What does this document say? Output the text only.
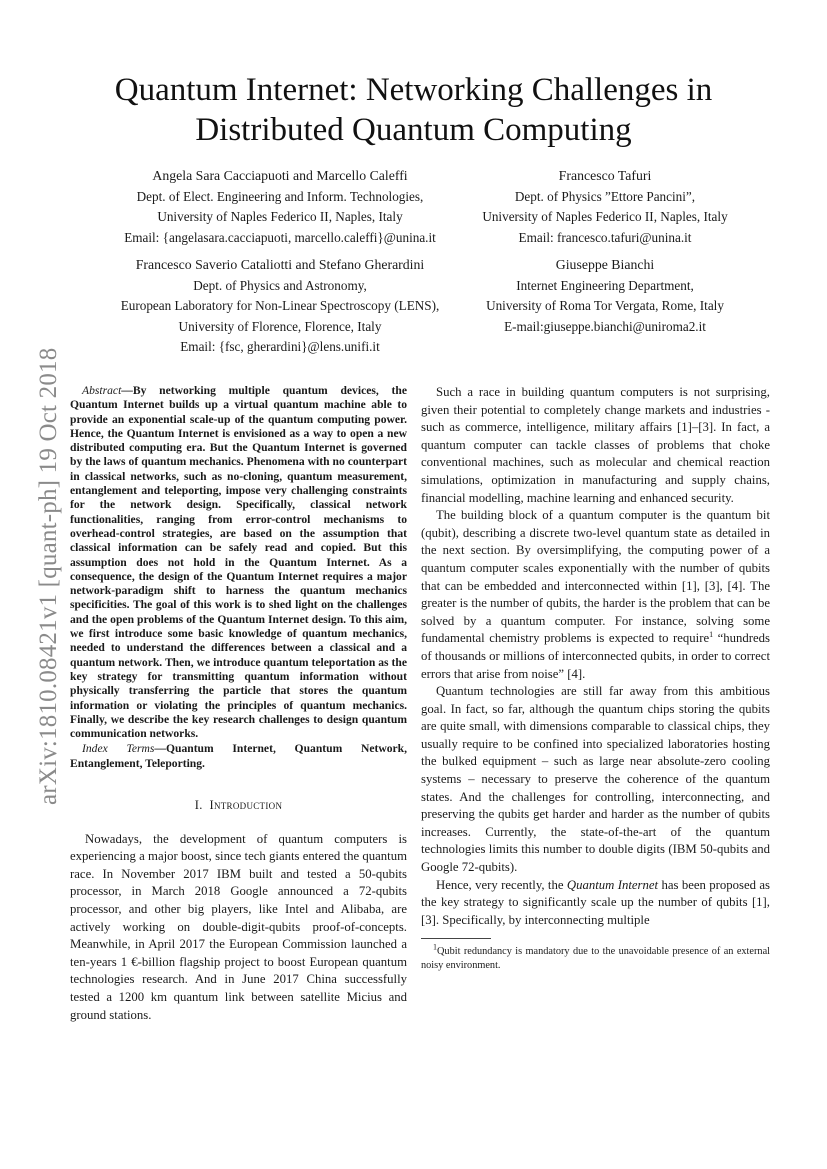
Quantum Internet: Networking Challenges in
Distributed Quantum Computing
Angela Sara Cacciapuoti and Marcello Caleffi
Dept. of Elect. Engineering and Inform. Technologies,
University of Naples Federico II, Naples, Italy
Email: {angelasara.cacciapuoti, marcello.caleffi}@unina.it
Francesco Tafuri
Dept. of Physics ”Ettore Pancini”,
University of Naples Federico II, Naples, Italy
Email: francesco.tafuri@unina.it
Francesco Saverio Cataliotti and Stefano Gherardini
Dept. of Physics and Astronomy,
European Laboratory for Non-Linear Spectroscopy (LENS),
University of Florence, Florence, Italy
Email: {fsc, gherardini}@lens.unifi.it
Giuseppe Bianchi
Internet Engineering Department,
University of Roma Tor Vergata, Rome, Italy
E-mail:giuseppe.bianchi@uniroma2.it
arXiv:1810.08421v1 [quant-ph] 19 Oct 2018	Abstract—By networking multiple quantum devices, the Quantum Internet builds up a virtual quantum machine able to provide an exponential scale-up of the quantum computing power. Hence, the Quantum Internet is envisioned as a way to open a new distributed computing era. But the Quantum Internet is governed by the laws of quantum mechanics. Phenomena with no counterpart in classical networks, such as no-cloning, quantum measurement, entanglement and teleporting, impose very challenging constraints for the network design. Specifically, classical network functionalities, ranging from error-control mechanisms to overhead-control strategies, are based on the assumption that classical information can be safely read and copied. But this assumption does not hold in the Quantum Internet. As a consequence, the design of the Quantum Internet requires a major network-paradigm shift to harness the quantum mechanics specificities. The goal of this work is to shed light on the challenges and the open problems of the Quantum Internet design. To this aim, we first introduce some basic knowledge of quantum mechanics, needed to understand the differences between a classical and a quantum network. Then, we introduce quantum teleportation as the key strategy for transmitting quantum information without physically transferring the particle that stores the quantum information or violating the principles of quantum mechanics. Finally, we describe the key research challenges to design quantum communication networks.
Index Terms—Quantum Internet, Quantum Network, Entanglement, Teleporting.
I. Introduction

Nowadays, the development of quantum computers is experiencing a major boost, since tech giants entered the quantum race. In November 2017 IBM built and tested a 50-qubits processor, in March 2018 Google announced a 72-qubits processor, and other big players, like Intel and Alibaba, are actively working on double-digit-qubits proof-of-concepts. Meanwhile, in April 2017 the European Commission launched a ten-years 1 €-billion flagship project to boost European quantum technologies research. And in June 2017 China successfully tested a 1200 km quantum link between satellite Micius and ground stations.

Such a race in building quantum computers is not surprising, given their potential to completely change markets and industries - such as commerce, intelligence, military affairs [1]–[3]. In fact, a quantum computer can tackle classes of problems that choke conventional machines, such as molecular and chemical reaction simulations, optimization in manufacturing and supply chains, financial modelling, machine learning and enhanced security.

The building block of a quantum computer is the quantum bit (qubit), describing a discrete two-level quantum state as detailed in the next section. By oversimplifying, the computing power of a quantum computer scales exponentially with the number of qubits that can be embedded and interconnected within [1], [3], [4]. The greater is the number of qubits, the harder is the problem that can be solved by a quantum computer. For instance, solving some fundamental chemistry problems is expected to require$^1$ “hundreds of thousands or millions of interconnected qubits, in order to correct errors that arise from noise” [4].

Quantum technologies are still far away from this ambitious goal. In fact, so far, although the quantum chips storing the qubits are quite small, with dimensions comparable to classical chips, they usually require to be confined into specialized laboratories hosting the bulked equipment – such as large near absolute-zero cooling systems – necessary to preserve the coherence of the quantum states. And the challenges for controlling, interconnecting, and preserving the qubits get harder and harder as the number of qubits increases. Currently, the state-of-the-art of the quantum technologies limits this number to double digits (IBM 50-qubits and Google 72-qubits).

Hence, very recently, the Quantum Internet has been proposed as the key strategy to significantly scale up the number of qubits [1], [3]. Specifically, by interconnecting multiple

$^1$Qubit redundancy is mandatory due to the unavoidable presence of an external noisy environment.
